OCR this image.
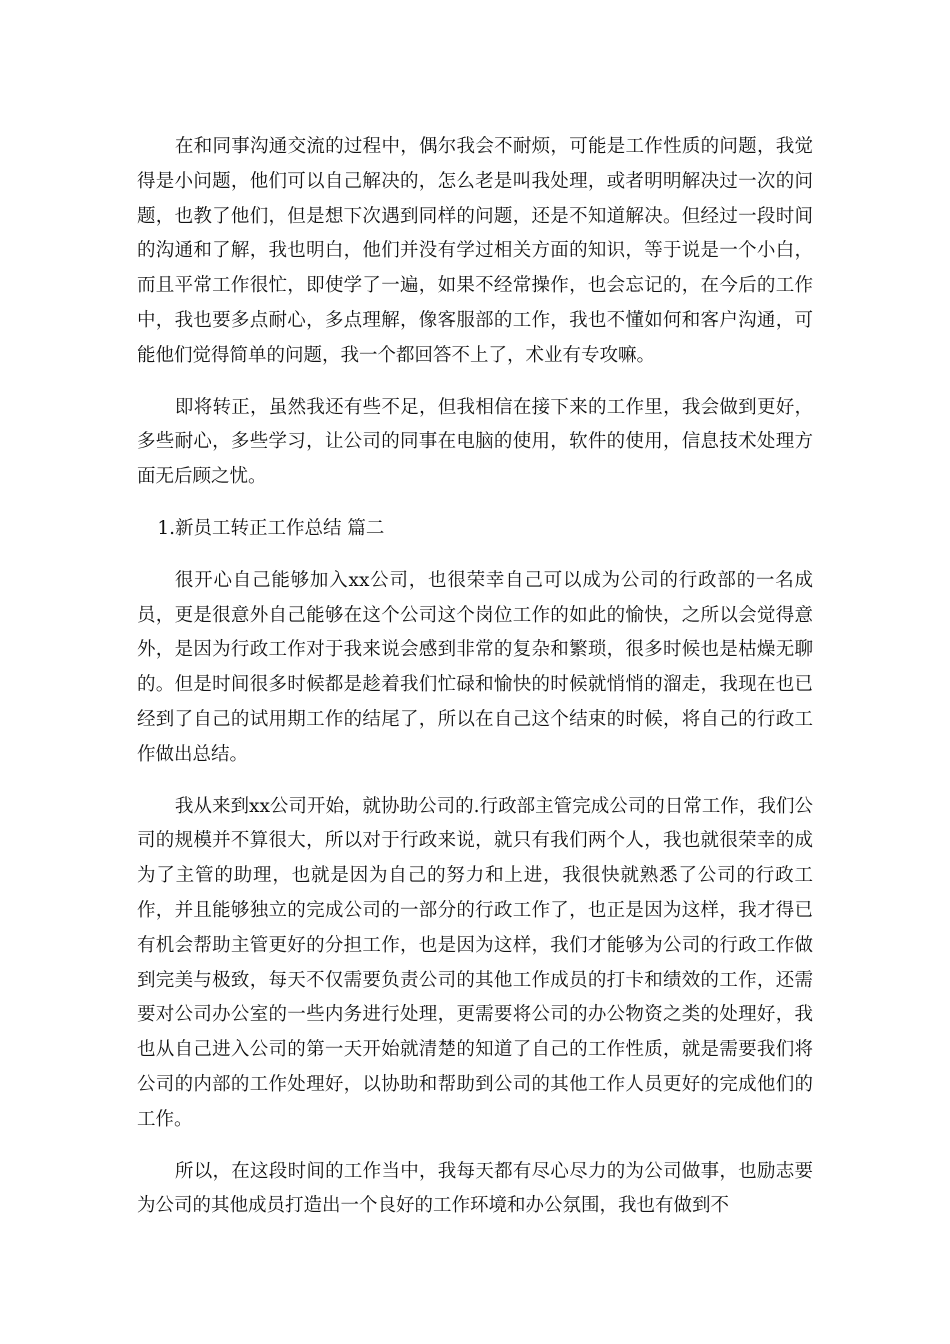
在和同事沟通交流的过程中，偶尔我会不耐烦，可能是工作性质的问题，我觉得是小问题，他们可以自己解决的，怎么老是叫我处理，或者明明解决过一次的问题，也教了他们，但是想下次遇到同样的问题，还是不知道解决。但经过一段时间的沟通和了解，我也明白，他们并没有学过相关方面的知识，等于说是一个小白，而且平常工作很忙，即使学了一遍，如果不经常操作，也会忘记的，在今后的工作中，我也要多点耐心，多点理解，像客服部的工作，我也不懂如何和客户沟通，可能他们觉得简单的问题，我一个都回答不上了，术业有专攻嘛。

即将转正，虽然我还有些不足，但我相信在接下来的工作里，我会做到更好，多些耐心，多些学习，让公司的同事在电脑的使用，软件的使用，信息技术处理方面无后顾之忧。

1.新员工转正工作总结 篇二

很开心自己能够加入xx公司，也很荣幸自己可以成为公司的行政部的一名成员，更是很意外自己能够在这个公司这个岗位工作的如此的愉快，之所以会觉得意外，是因为行政工作对于我来说会感到非常的复杂和繁琐，很多时候也是枯燥无聊的。但是时间很多时候都是趁着我们忙碌和愉快的时候就悄悄的溜走，我现在也已经到了自己的试用期工作的结尾了，所以在自己这个结束的时候，将自己的行政工作做出总结。

我从来到xx公司开始，就协助公司的.行政部主管完成公司的日常工作，我们公司的规模并不算很大，所以对于行政来说，就只有我们两个人，我也就很荣幸的成为了主管的助理，也就是因为自己的努力和上进，我很快就熟悉了公司的行政工作，并且能够独立的完成公司的一部分的行政工作了，也正是因为这样，我才得已有机会帮助主管更好的分担工作，也是因为这样，我们才能够为公司的行政工作做到完美与极致，每天不仅需要负责公司的其他工作成员的打卡和绩效的工作，还需要对公司办公室的一些内务进行处理，更需要将公司的办公物资之类的处理好，我也从自己进入公司的第一天开始就清楚的知道了自己的工作性质，就是需要我们将公司的内部的工作处理好，以协助和帮助到公司的其他工作人员更好的完成他们的工作。

所以，在这段时间的工作当中，我每天都有尽心尽力的为公司做事，也励志要为公司的其他成员打造出一个良好的工作环境和办公氛围，我也有做到不
